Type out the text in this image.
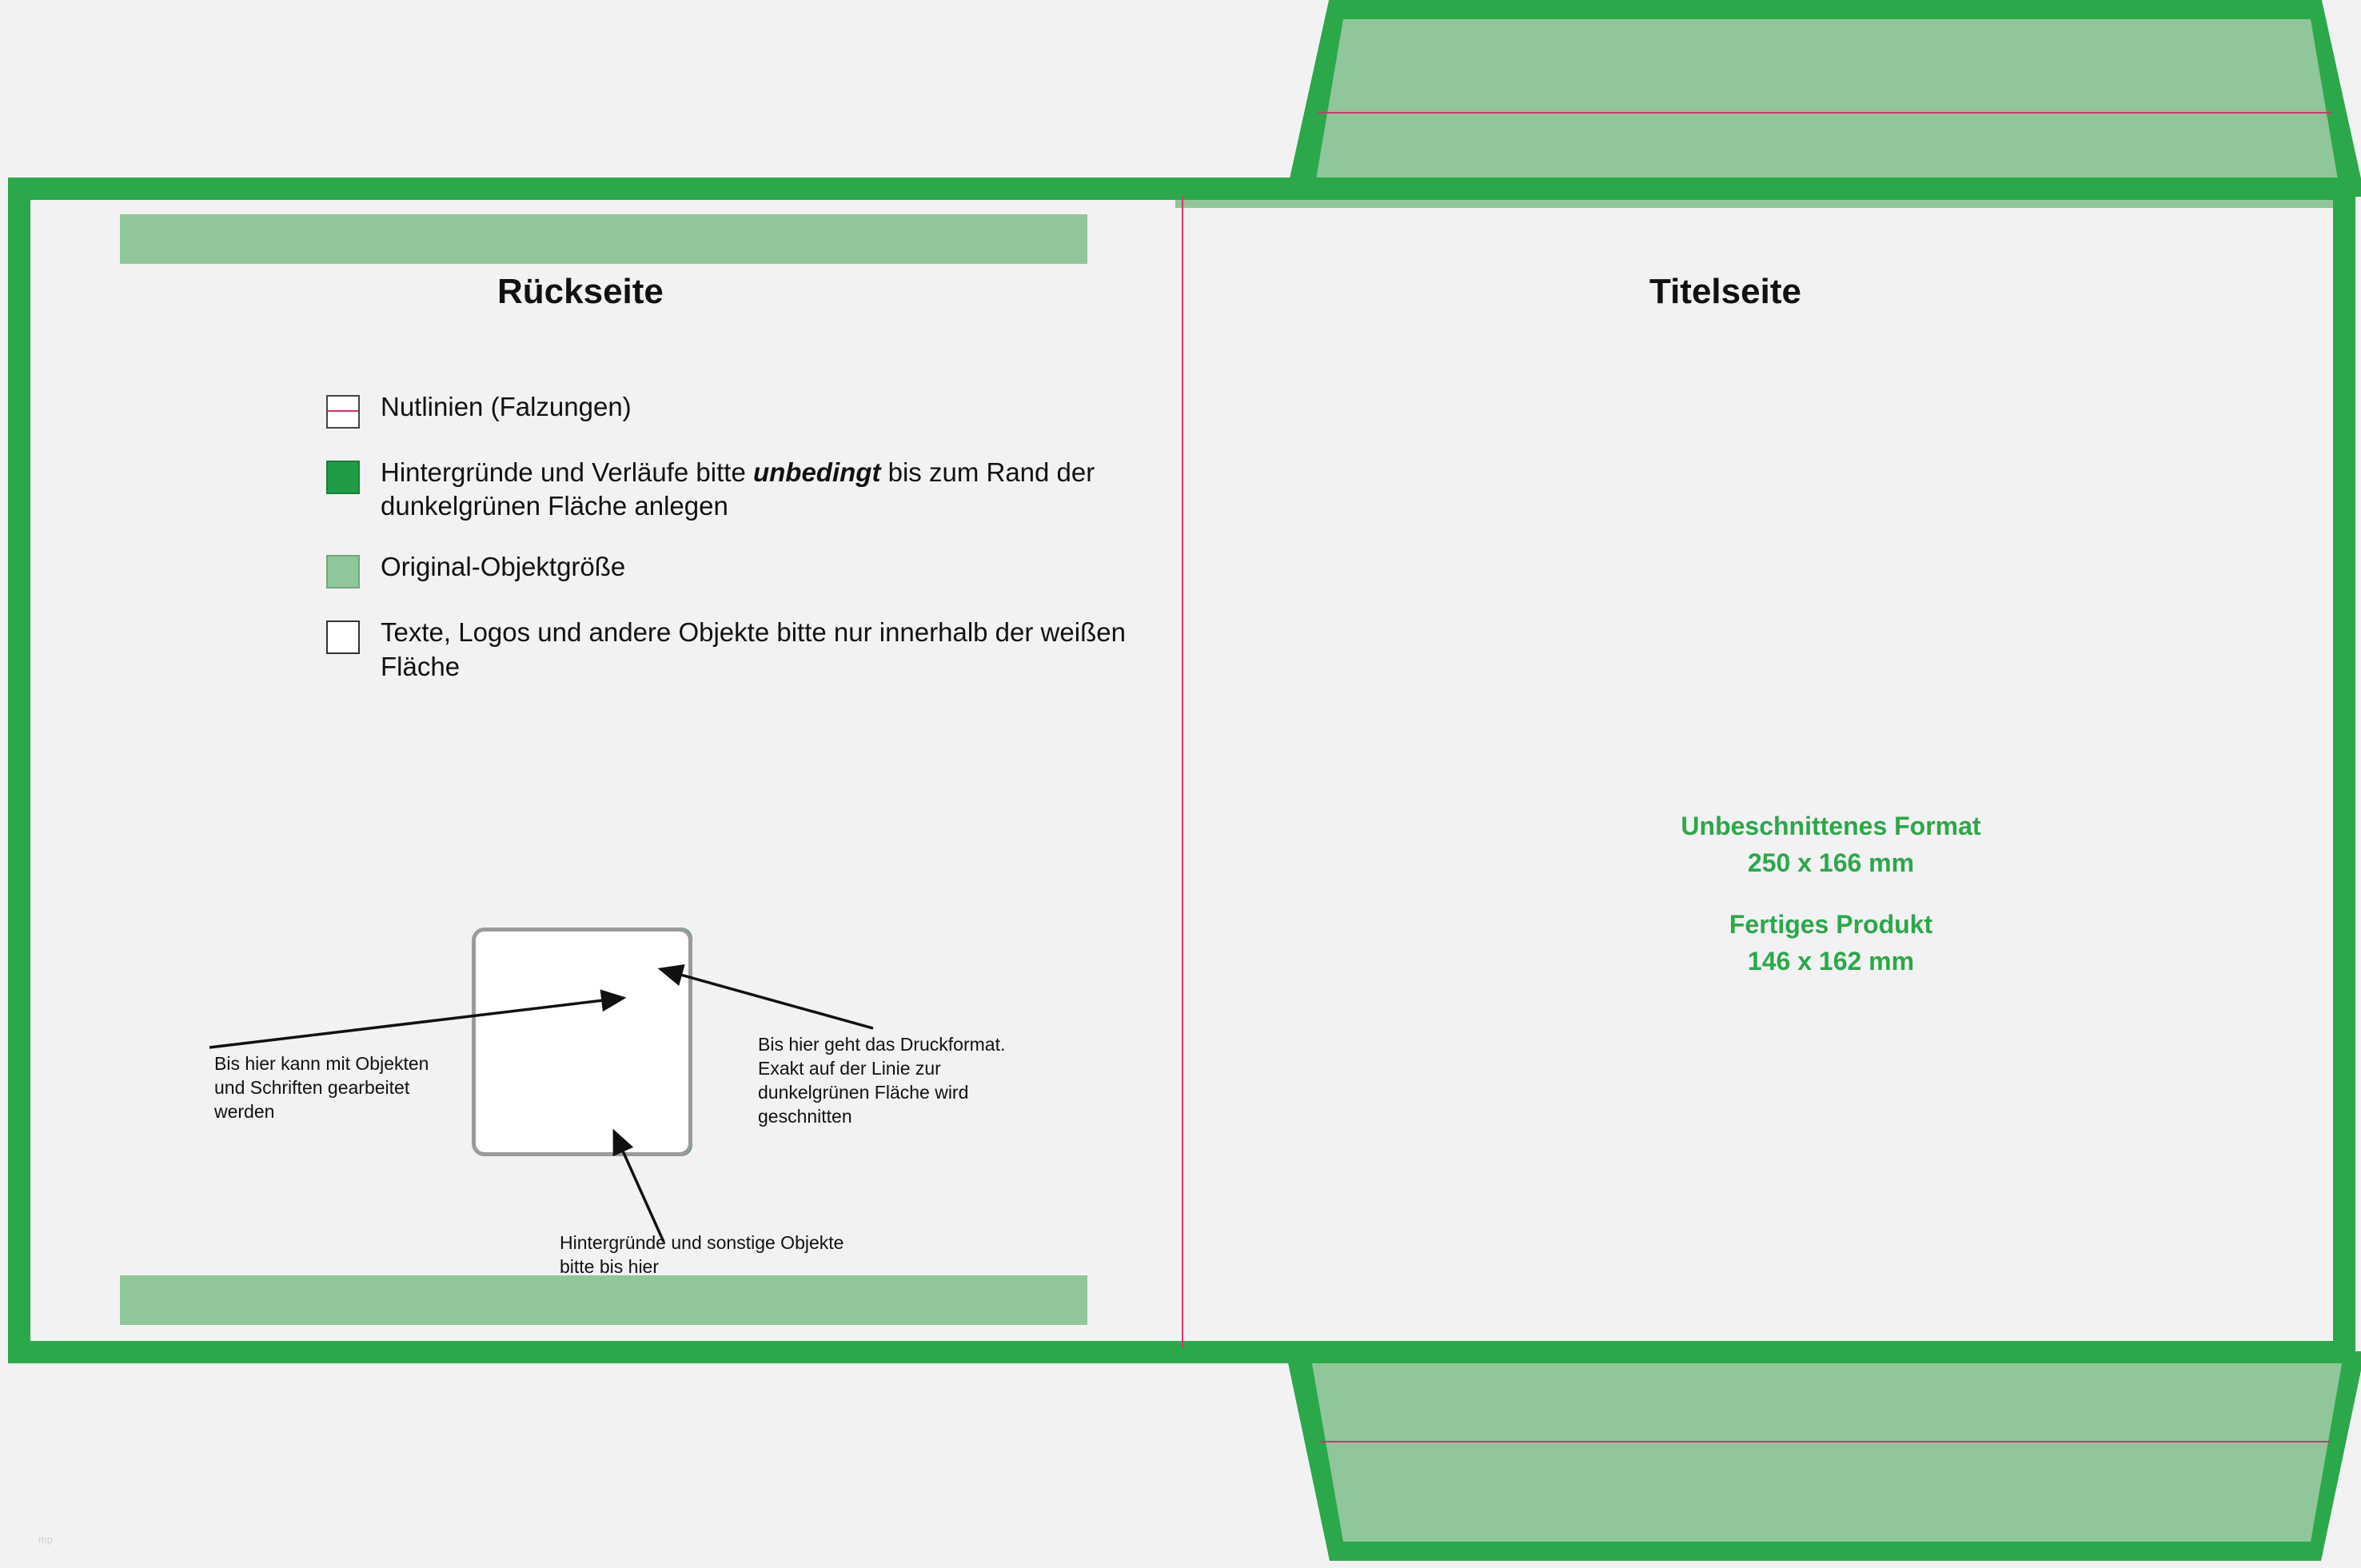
Rückseite	Titelseite
Nutlinien (Falzungen)
Hintergründe und Verläufe bitte unbedingt bis zum Rand der dunkelgrünen Fläche anlegen
Original-Objektgröße
Texte, Logos und andere Objekte bitte nur innerhalb der weißen Fläche
Bis hier kann mit Objekten und Schriften gearbeitet werden
Bis hier geht das Druckformat. Exakt auf der Linie zur dunkelgrünen Fläche wird geschnitten
Hintergründe und sonstige Objekte bitte bis hier
Unbeschnittenes Format
250 x 166 mm
Fertiges Produkt
146 x 162 mm
mp
